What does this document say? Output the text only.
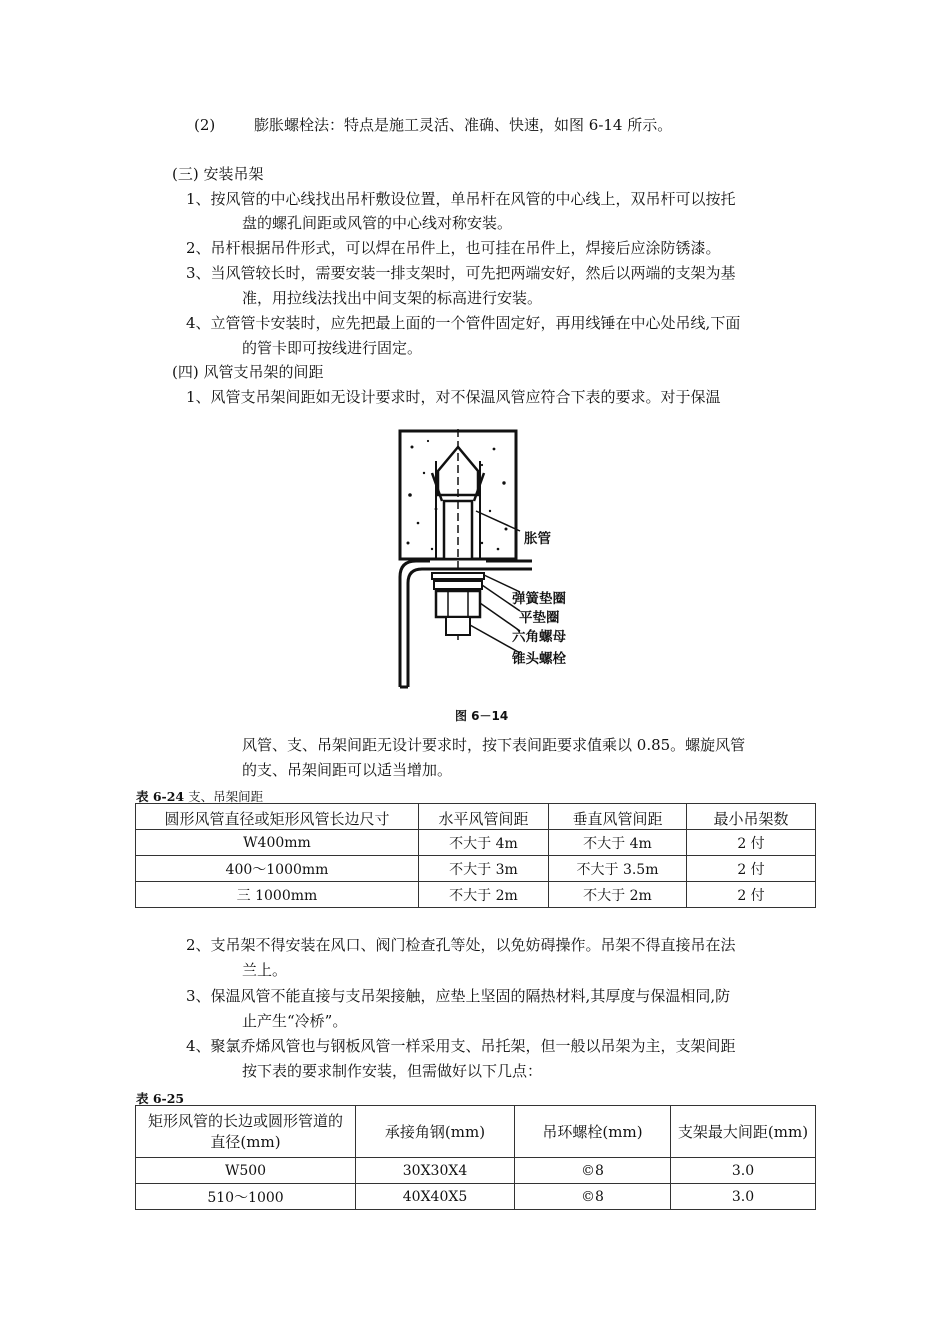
(2)	膨胀螺栓法：特点是施工灵活、准确、快速，如图 6-14 所示。
(三) 安装吊架
1、按风管的中心线找出吊杆敷设位置，单吊杆在风管的中心线上，双吊杆可以按托
盘的螺孔间距或风管的中心线对称安装。
2、吊杆根据吊件形式，可以焊在吊件上，也可挂在吊件上，焊接后应涂防锈漆。
3、当风管较长时，需要安装一排支架时，可先把两端安好，然后以两端的支架为基
准，用拉线法找出中间支架的标高进行安装。
4、立管管卡安装时，应先把最上面的一个管件固定好，再用线锤在中心处吊线,下面
的管卡即可按线进行固定。
(四) 风管支吊架的间距
1、风管支吊架间距如无设计要求时，对不保温风管应符合下表的要求。对于保温
胀管
弹簧垫圈
平垫圈
六角螺母
锥头螺栓
图 6－14
风管、支、吊架间距无设计要求时，按下表间距要求值乘以 0.85。螺旋风管
的支、吊架间距可以适当增加。
表 6-24 支、吊架间距
圆形风管直径或矩形风管长边尺寸	水平风管间距	垂直风管间距	最小吊架数
W400mm	不大于 4m	不大于 4m	2 付
400〜1000mm	不大于 3m	不大于 3.5m	2 付
三 1000mm	不大于 2m	不大于 2m	2 付
2、支吊架不得安装在风口、阀门检查孔等处，以免妨碍操作。吊架不得直接吊在法
兰上。
3、保温风管不能直接与支吊架接触，应垫上坚固的隔热材料,其厚度与保温相同,防
止产生“冷桥”。
4、聚氯乔烯风管也与钢板风管一样采用支、吊托架，但一般以吊架为主，支架间距
按下表的要求制作安装，但需做好以下几点：
表 6-25
矩形风管的长边或圆形管道的直径(mm)	承接角钢(mm)	吊环螺栓(mm)	支架最大间距(mm)
W500	30X30X4	©8	3.0
510〜1000	40X40X5	©8	3.0
